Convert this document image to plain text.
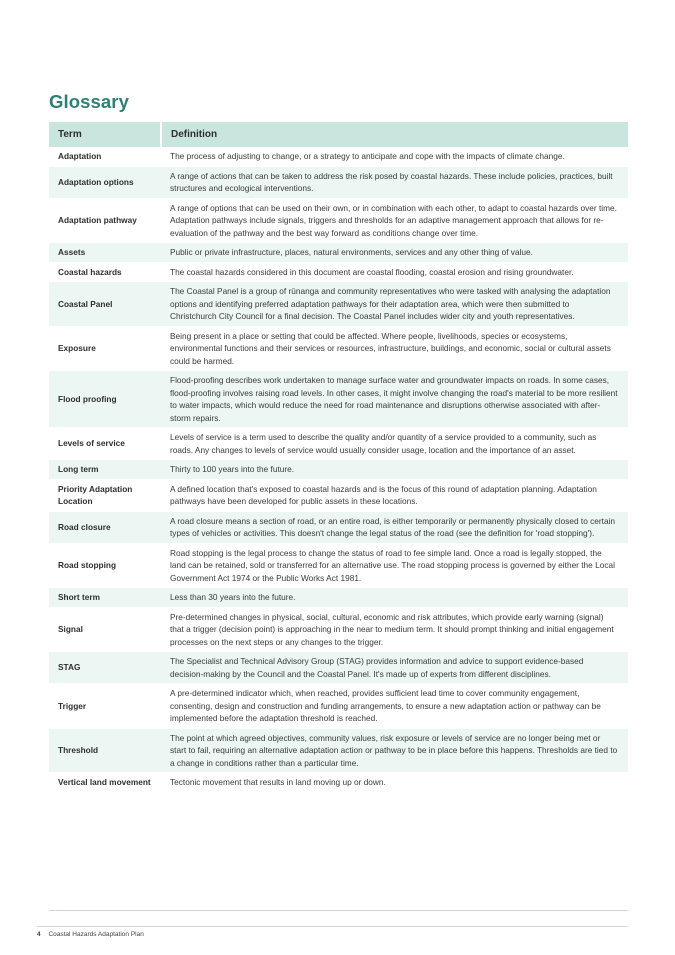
Glossary
Term	Definition
Adaptation	The process of adjusting to change, or a strategy to anticipate and cope with the impacts of climate change.
Adaptation options	A range of actions that can be taken to address the risk posed by coastal hazards. These include policies, practices, built structures and ecological interventions.
Adaptation pathway	A range of options that can be used on their own, or in combination with each other, to adapt to coastal hazards over time. Adaptation pathways include signals, triggers and thresholds for an adaptive management approach that allows for re-evaluation of the pathway and the best way forward as conditions change over time.
Assets	Public or private infrastructure, places, natural environments, services and any other thing of value.
Coastal hazards	The coastal hazards considered in this document are coastal flooding, coastal erosion and rising groundwater.
Coastal Panel	The Coastal Panel is a group of rūnanga and community representatives who were tasked with analysing the adaptation options and identifying preferred adaptation pathways for their adaptation area, which were then submitted to Christchurch City Council for a final decision. The Coastal Panel includes wider city and youth representatives.
Exposure	Being present in a place or setting that could be affected. Where people, livelihoods, species or ecosystems, environmental functions and their services or resources, infrastructure, buildings, and economic, social or cultural assets could be harmed.
Flood proofing	Flood-proofing describes work undertaken to manage surface water and groundwater impacts on roads. In some cases, flood-proofing involves raising road levels. In other cases, it might involve changing the road's material to be more resilient to water impacts, which would reduce the need for road maintenance and disruptions otherwise associated with after-storm repairs.
Levels of service	Levels of service is a term used to describe the quality and/or quantity of a service provided to a community, such as roads. Any changes to levels of service would usually consider usage, location and the importance of an asset.
Long term	Thirty to 100 years into the future.
Priority Adaptation Location	A defined location that's exposed to coastal hazards and is the focus of this round of adaptation planning. Adaptation pathways have been developed for public assets in these locations.
Road closure	A road closure means a section of road, or an entire road, is either temporarily or permanently physically closed to certain types of vehicles or activities. This doesn't change the legal status of the road (see the definition for 'road stopping').
Road stopping	Road stopping is the legal process to change the status of road to fee simple land. Once a road is legally stopped, the land can be retained, sold or transferred for an alternative use. The road stopping process is governed by either the Local Government Act 1974 or the Public Works Act 1981.
Short term	Less than 30 years into the future.
Signal	Pre-determined changes in physical, social, cultural, economic and risk attributes, which provide early warning (signal) that a trigger (decision point) is approaching in the near to medium term. It should prompt thinking and initial engagement processes on the next steps or any changes to the trigger.
STAG	The Specialist and Technical Advisory Group (STAG) provides information and advice to support evidence-based decision-making by the Council and the Coastal Panel. It's made up of experts from different disciplines.
Trigger	A pre-determined indicator which, when reached, provides sufficient lead time to cover community engagement, consenting, design and construction and funding arrangements, to ensure a new adaptation action or pathway can be implemented before the adaptation threshold is reached.
Threshold	The point at which agreed objectives, community values, risk exposure or levels of service are no longer being met or start to fail, requiring an alternative adaptation action or pathway to be in place before this happens. Thresholds are tied to a change in conditions rather than a particular time.
Vertical land movement	Tectonic movement that results in land moving up or down.
4 Coastal Hazards Adaptation Plan
